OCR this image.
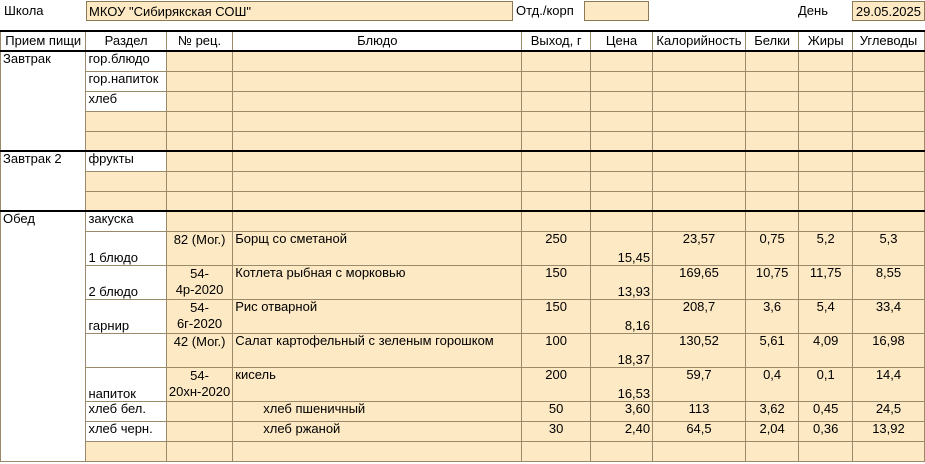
Школа	МКОУ "Сибирякская СОШ"	Отд./корп	День	29.05.2025
Прием пищи	Раздел	№ рец.	Блюдо	Выход, г	Цена	Калорийность	Белки	Жиры	Углеводы
Завтрак	гор.блюдо								
	гор.напиток								
	хлеб								

Завтрак 2	фрукты								

Обед	закуска								
	1 блюдо	82 (Мог.)	Борщ со сметаной	250	15,45	23,57	0,75	5,2	5,3
	2 блюдо	54-4р-2020	Котлета рыбная с морковью	150	13,93	169,65	10,75	11,75	8,55
	гарнир	54-6г-2020	Рис отварной	150	8,16	208,7	3,6	5,4	33,4
		42 (Мог.)	Салат картофельный с зеленым горошком	100	18,37	130,52	5,61	4,09	16,98
	напиток	54-20хн-2020	кисель	200	16,53	59,7	0,4	0,1	14,4
	хлеб бел.		хлеб пшеничный	50	3,60	113	3,62	0,45	24,5
	хлеб черн.		хлеб ржаной	30	2,40	64,5	2,04	0,36	13,92
